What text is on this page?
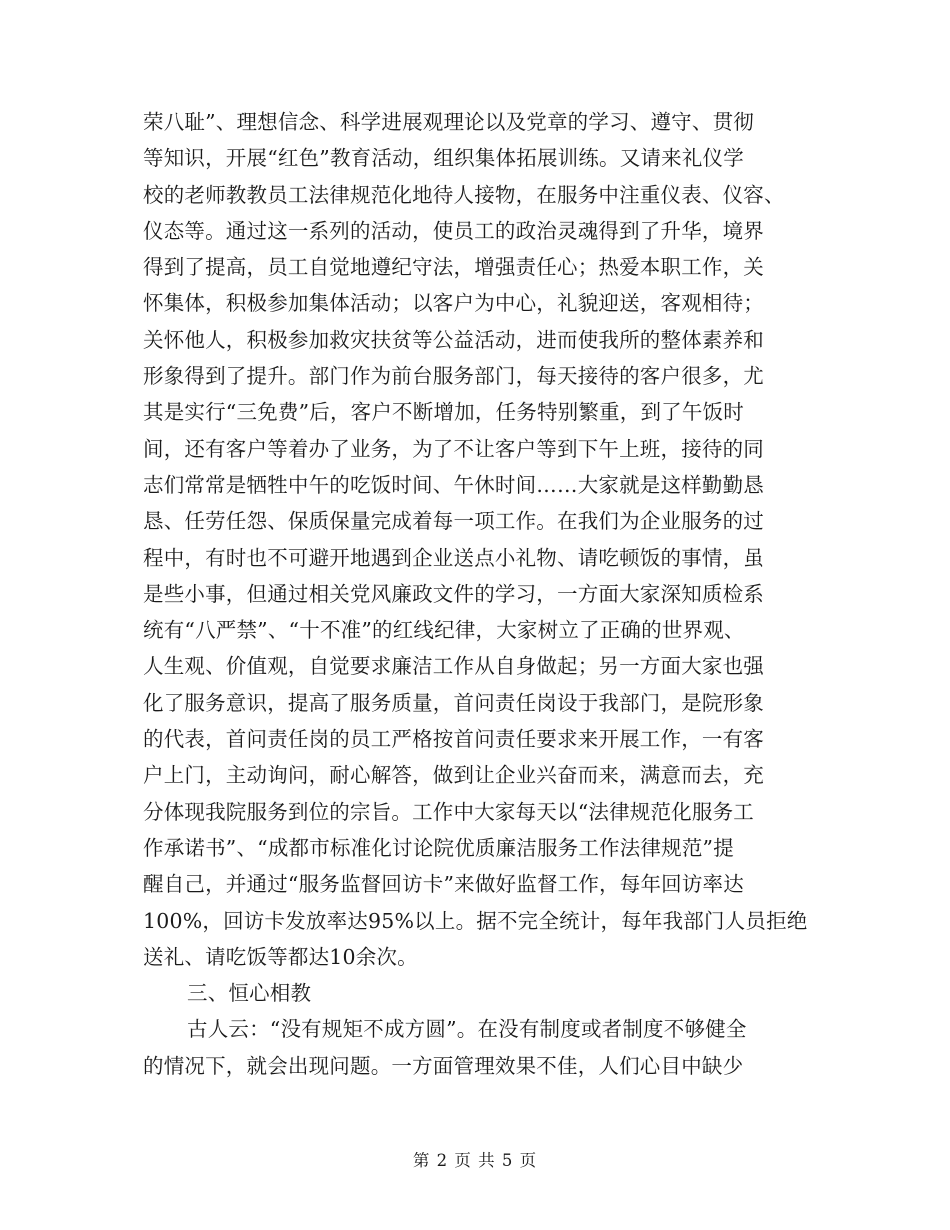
荣八耻”、理想信念、科学进展观理论以及党章的学习、遵守、贯彻
等知识，开展“红色”教育活动，组织集体拓展训练。又请来礼仪学
校的老师教教员工法律规范化地待人接物，在服务中注重仪表、仪容、
仪态等。通过这一系列的活动，使员工的政治灵魂得到了升华，境界
得到了提高，员工自觉地遵纪守法，增强责任心；热爱本职工作，关
怀集体，积极参加集体活动；以客户为中心，礼貌迎送，客观相待；
关怀他人，积极参加救灾扶贫等公益活动，进而使我所的整体素养和
形象得到了提升。部门作为前台服务部门，每天接待的客户很多，尤
其是实行“三免费”后，客户不断增加，任务特别繁重，到了午饭时
间，还有客户等着办了业务，为了不让客户等到下午上班，接待的同
志们常常是牺牲中午的吃饭时间、午休时间……大家就是这样勤勤恳
恳、任劳任怨、保质保量完成着每一项工作。在我们为企业服务的过
程中，有时也不可避开地遇到企业送点小礼物、请吃顿饭的事情，虽
是些小事，但通过相关党风廉政文件的学习，一方面大家深知质检系
统有“八严禁”、“十不准”的红线纪律，大家树立了正确的世界观、
人生观、价值观，自觉要求廉洁工作从自身做起；另一方面大家也强
化了服务意识，提高了服务质量，首问责任岗设于我部门，是院形象
的代表，首问责任岗的员工严格按首问责任要求来开展工作，一有客
户上门，主动询问，耐心解答，做到让企业兴奋而来，满意而去，充
分体现我院服务到位的宗旨。工作中大家每天以“法律规范化服务工
作承诺书”、“成都市标准化讨论院优质廉洁服务工作法律规范”提
醒自己，并通过“服务监督回访卡”来做好监督工作，每年回访率达
100%，回访卡发放率达95%以上。据不完全统计，每年我部门人员拒绝
送礼、请吃饭等都达10余次。
三、恒心相教
古人云：“没有规矩不成方圆”。在没有制度或者制度不够健全
的情况下，就会出现问题。一方面管理效果不佳，人们心目中缺少
第 2 页 共 5 页
